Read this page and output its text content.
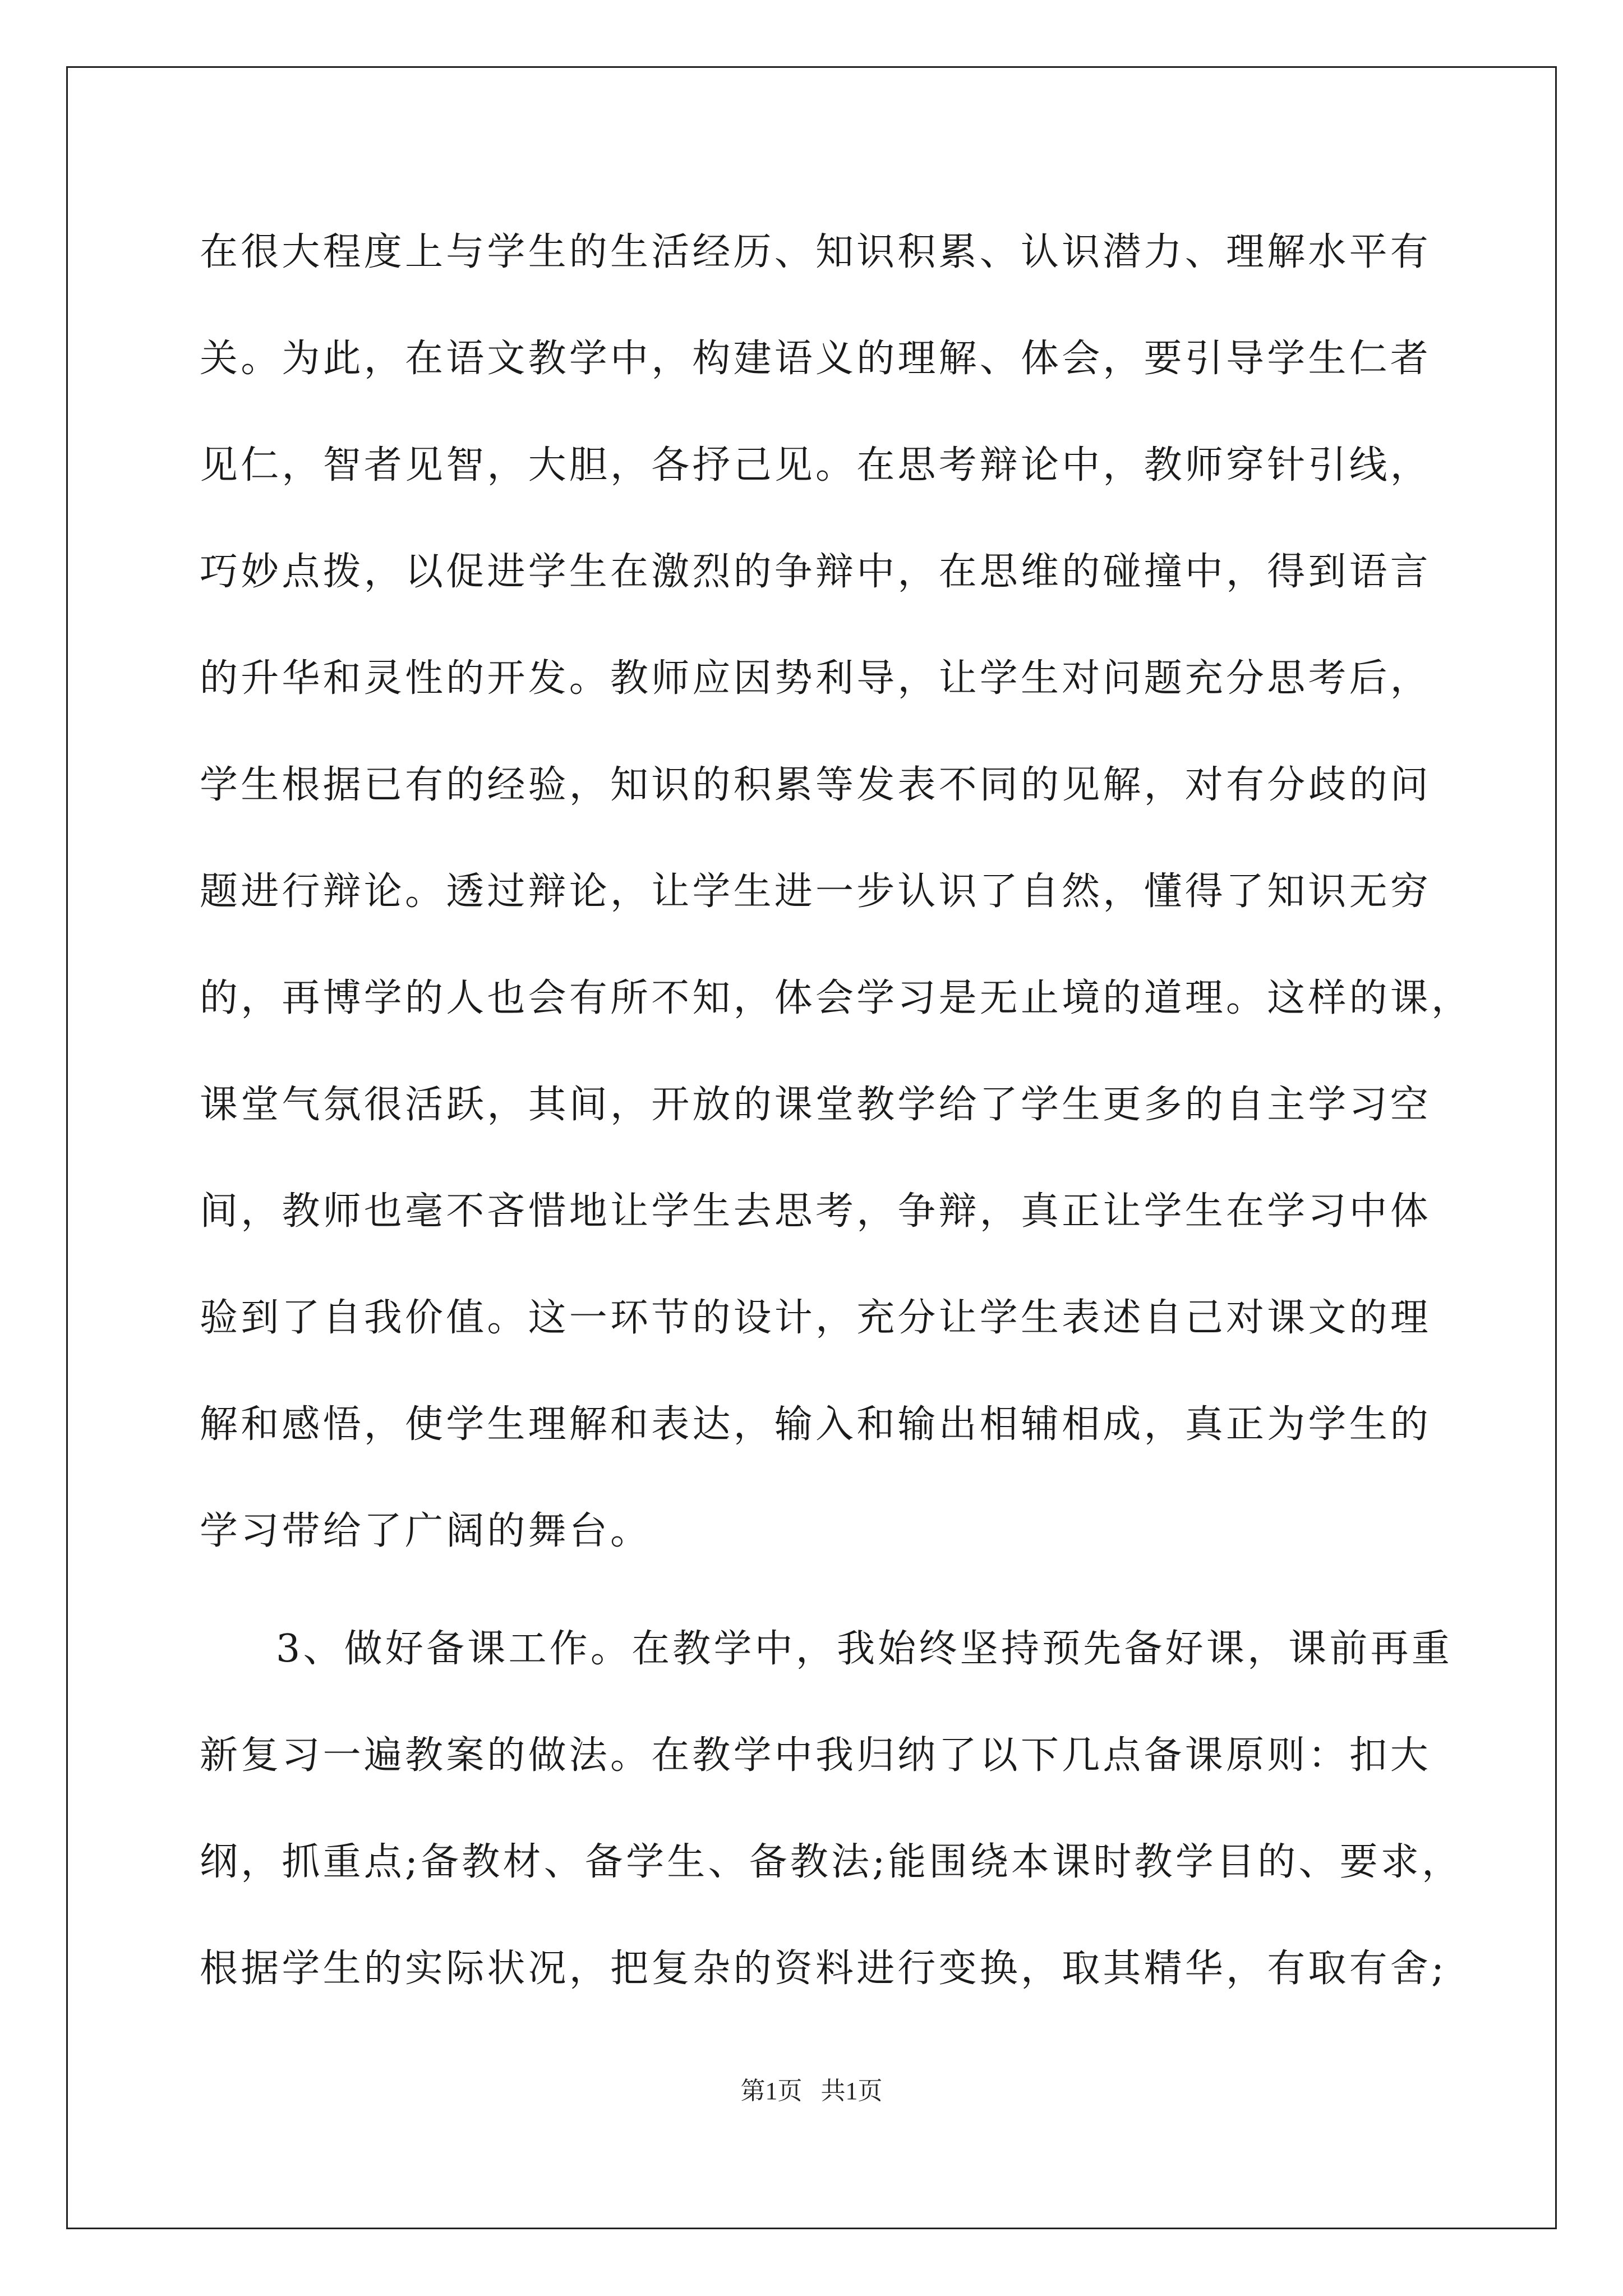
在很大程度上与学生的生活经历、知识积累、认识潜力、理解水平有
关。为此，在语文教学中，构建语义的理解、体会，要引导学生仁者
见仁，智者见智，大胆，各抒己见。在思考辩论中，教师穿针引线，
巧妙点拨，以促进学生在激烈的争辩中，在思维的碰撞中，得到语言
的升华和灵性的开发。教师应因势利导，让学生对问题充分思考后，
学生根据已有的经验，知识的积累等发表不同的见解，对有分歧的问
题进行辩论。透过辩论，让学生进一步认识了自然，懂得了知识无穷
的，再博学的人也会有所不知，体会学习是无止境的道理。这样的课，
课堂气氛很活跃，其间，开放的课堂教学给了学生更多的自主学习空
间，教师也毫不吝惜地让学生去思考，争辩，真正让学生在学习中体
验到了自我价值。这一环节的设计，充分让学生表述自己对课文的理
解和感悟，使学生理解和表达，输入和输出相辅相成，真正为学生的
学习带给了广阔的舞台。
3、做好备课工作。在教学中，我始终坚持预先备好课，课前再重
新复习一遍教案的做法。在教学中我归纳了以下几点备课原则：扣大
纲，抓重点;备教材、备学生、备教法;能围绕本课时教学目的、要求，
根据学生的实际状况，把复杂的资料进行变换，取其精华，有取有舍;
第1页 共1页
